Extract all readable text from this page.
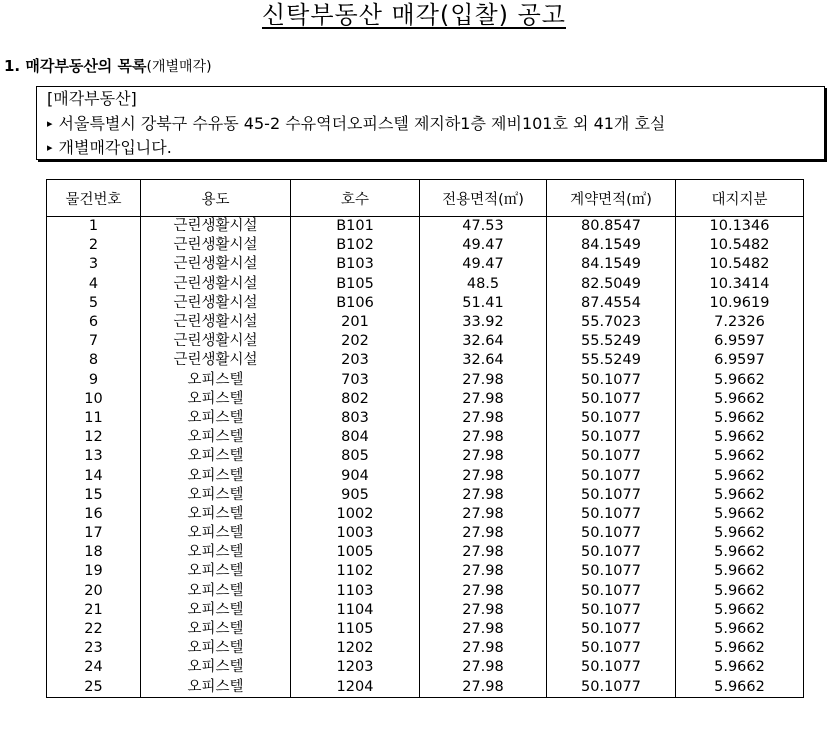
신탁부동산 매각(입찰) 공고
1. 매각부동산의 목록(개별매각)
[매각부동산]
▸ 서울특별시 강북구 수유동 45-2 수유역더오피스텔 제지하1층 제비101호 외 41개 호실
▸ 개별매각입니다.
물건번호	용도	호수	전용면적(㎡)	계약면적(㎡)	대지지분
1	근린생활시설	B101	47.53	80.8547	10.1346
2	근린생활시설	B102	49.47	84.1549	10.5482
3	근린생활시설	B103	49.47	84.1549	10.5482
4	근린생활시설	B105	48.5	82.5049	10.3414
5	근린생활시설	B106	51.41	87.4554	10.9619
6	근린생활시설	201	33.92	55.7023	7.2326
7	근린생활시설	202	32.64	55.5249	6.9597
8	근린생활시설	203	32.64	55.5249	6.9597
9	오피스텔	703	27.98	50.1077	5.9662
10	오피스텔	802	27.98	50.1077	5.9662
11	오피스텔	803	27.98	50.1077	5.9662
12	오피스텔	804	27.98	50.1077	5.9662
13	오피스텔	805	27.98	50.1077	5.9662
14	오피스텔	904	27.98	50.1077	5.9662
15	오피스텔	905	27.98	50.1077	5.9662
16	오피스텔	1002	27.98	50.1077	5.9662
17	오피스텔	1003	27.98	50.1077	5.9662
18	오피스텔	1005	27.98	50.1077	5.9662
19	오피스텔	1102	27.98	50.1077	5.9662
20	오피스텔	1103	27.98	50.1077	5.9662
21	오피스텔	1104	27.98	50.1077	5.9662
22	오피스텔	1105	27.98	50.1077	5.9662
23	오피스텔	1202	27.98	50.1077	5.9662
24	오피스텔	1203	27.98	50.1077	5.9662
25	오피스텔	1204	27.98	50.1077	5.9662
